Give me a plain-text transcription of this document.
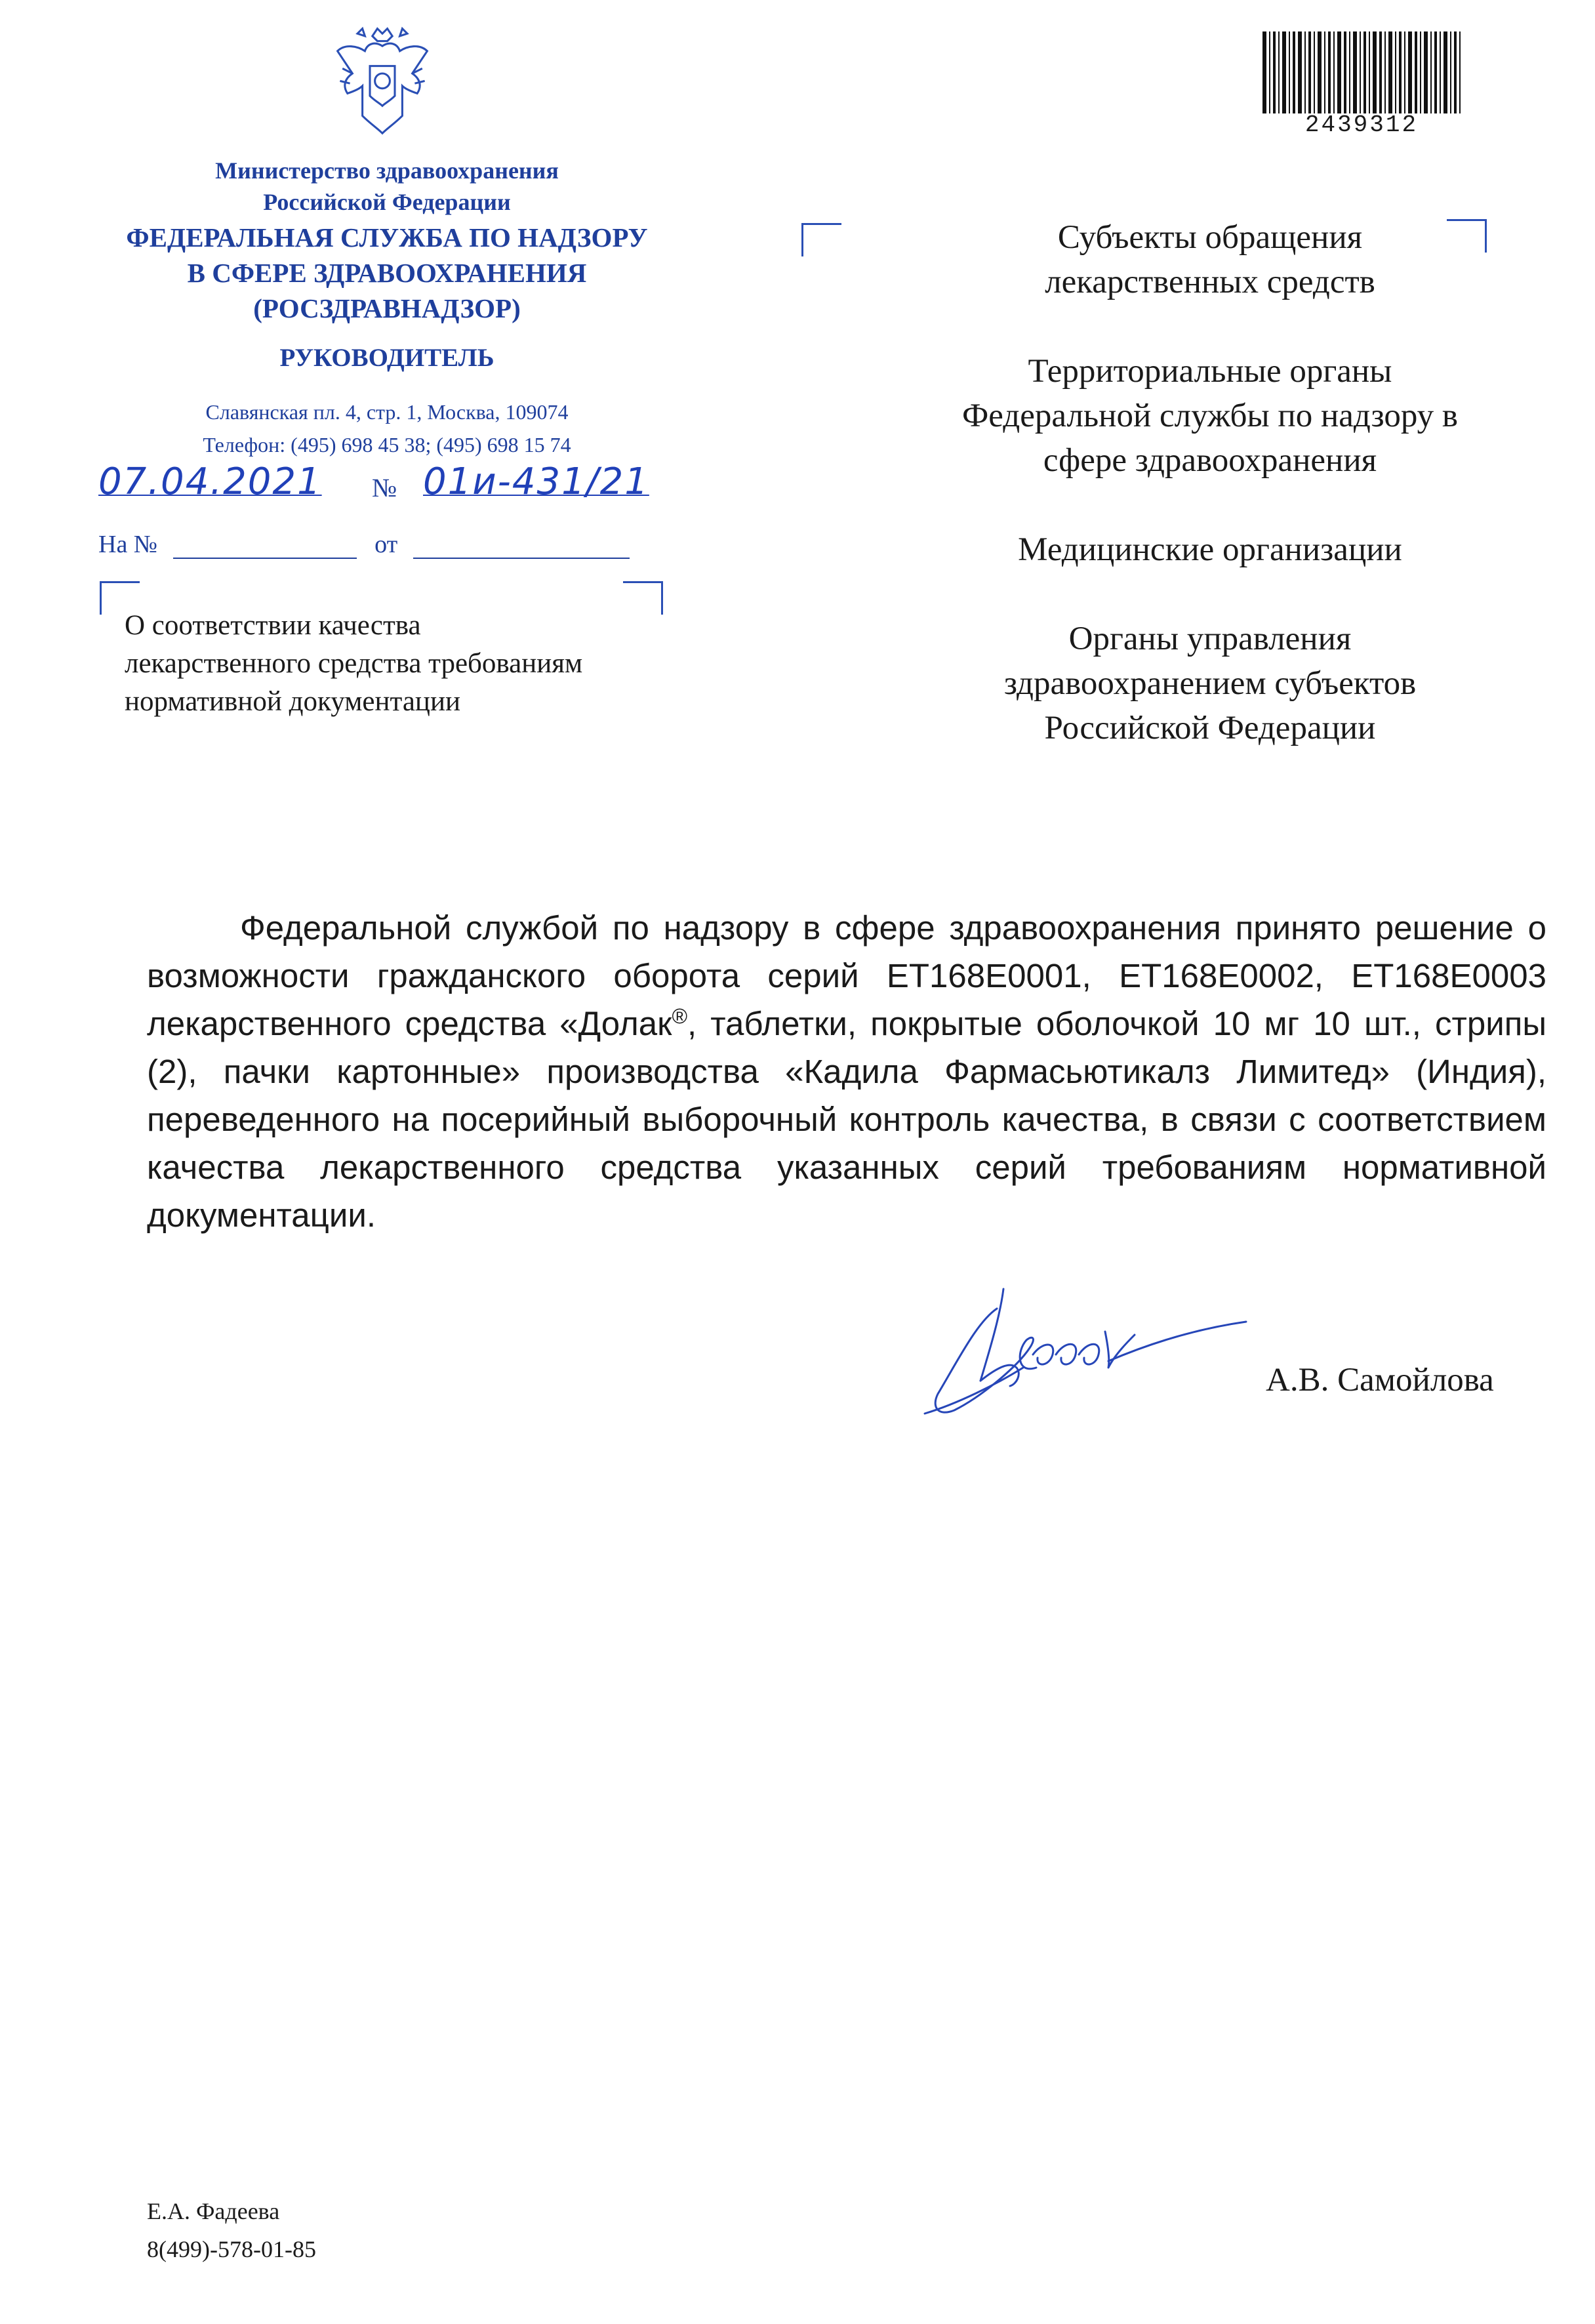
Министерство здравоохранения
Российской Федерации
ФЕДЕРАЛЬНАЯ СЛУЖБА ПО НАДЗОРУ
В СФЕРЕ ЗДРАВООХРАНЕНИЯ
(РОСЗДРАВНАДЗОР)
РУКОВОДИТЕЛЬ
Славянская пл. 4, стр. 1, Москва, 109074
Телефон: (495) 698 45 38; (495) 698 15 74
07.04.2021 № 01и-431/21
На №	от
О соответствии качества
лекарственного средства требованиям
нормативной документации
2439312
Субъекты обращения
лекарственных средств
Территориальные органы
Федеральной службы по надзору в
сфере здравоохранения
Медицинские организации
Органы управления
здравоохранением субъектов
Российской Федерации
Федеральной службой по надзору в сфере здравоохранения принято решение о возможности гражданского оборота серий ЕТ168Е0001, ЕТ168Е0002, ЕТ168Е0003 лекарственного средства «Долак®, таблетки, покрытые оболочкой 10 мг 10 шт., стрипы (2), пачки картонные» производства «Кадила Фармасьютикалз Лимитед» (Индия), переведенного на посерийный выборочный контроль качества, в связи с соответствием качества лекарственного средства указанных серий требованиям нормативной документации.
А.В. Самойлова
Е.А. Фадеева
8(499)-578-01-85
